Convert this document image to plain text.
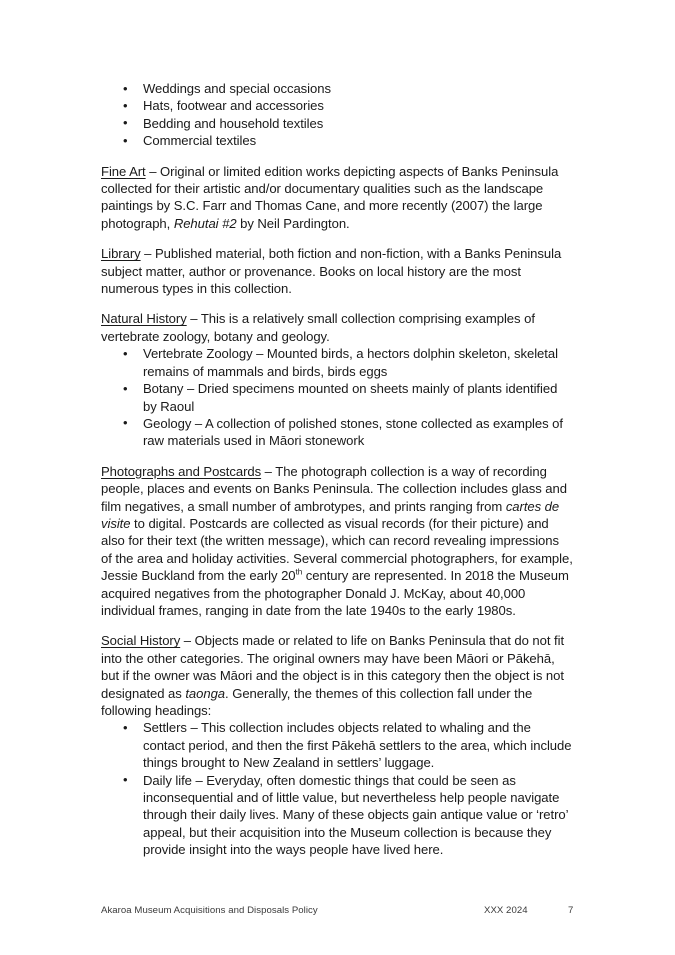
• Weddings and special occasions
• Hats, footwear and accessories
• Bedding and household textiles
• Commercial textiles

Fine Art – Original or limited edition works depicting aspects of Banks Peninsula collected for their artistic and/or documentary qualities such as the landscape paintings by S.C. Farr and Thomas Cane, and more recently (2007) the large photograph, Rehutai #2 by Neil Pardington.

Library – Published material, both fiction and non-fiction, with a Banks Peninsula subject matter, author or provenance. Books on local history are the most numerous types in this collection.

Natural History – This is a relatively small collection comprising examples of vertebrate zoology, botany and geology.

• Vertebrate Zoology – Mounted birds, a hectors dolphin skeleton, skeletal remains of mammals and birds, birds eggs
• Botany – Dried specimens mounted on sheets mainly of plants identified by Raoul
• Geology – A collection of polished stones, stone collected as examples of raw materials used in Māori stonework

Photographs and Postcards – The photograph collection is a way of recording people, places and events on Banks Peninsula. The collection includes glass and film negatives, a small number of ambrotypes, and prints ranging from cartes de visite to digital. Postcards are collected as visual records (for their picture) and also for their text (the written message), which can record revealing impressions of the area and holiday activities. Several commercial photographers, for example, Jessie Buckland from the early 20th century are represented. In 2018 the Museum acquired negatives from the photographer Donald J. McKay, about 40,000 individual frames, ranging in date from the late 1940s to the early 1980s.

Social History – Objects made or related to life on Banks Peninsula that do not fit into the other categories. The original owners may have been Māori or Pākehā, but if the owner was Māori and the object is in this category then the object is not designated as taonga. Generally, the themes of this collection fall under the following headings:

• Settlers – This collection includes objects related to whaling and the contact period, and then the first Pākehā settlers to the area, which include things brought to New Zealand in settlers’ luggage.
• Daily life – Everyday, often domestic things that could be seen as inconsequential and of little value, but nevertheless help people navigate through their daily lives. Many of these objects gain antique value or ‘retro’ appeal, but their acquisition into the Museum collection is because they provide insight into the ways people have lived here.
Akaroa Museum Acquisitions and Disposals Policy	XXX 2024	7
